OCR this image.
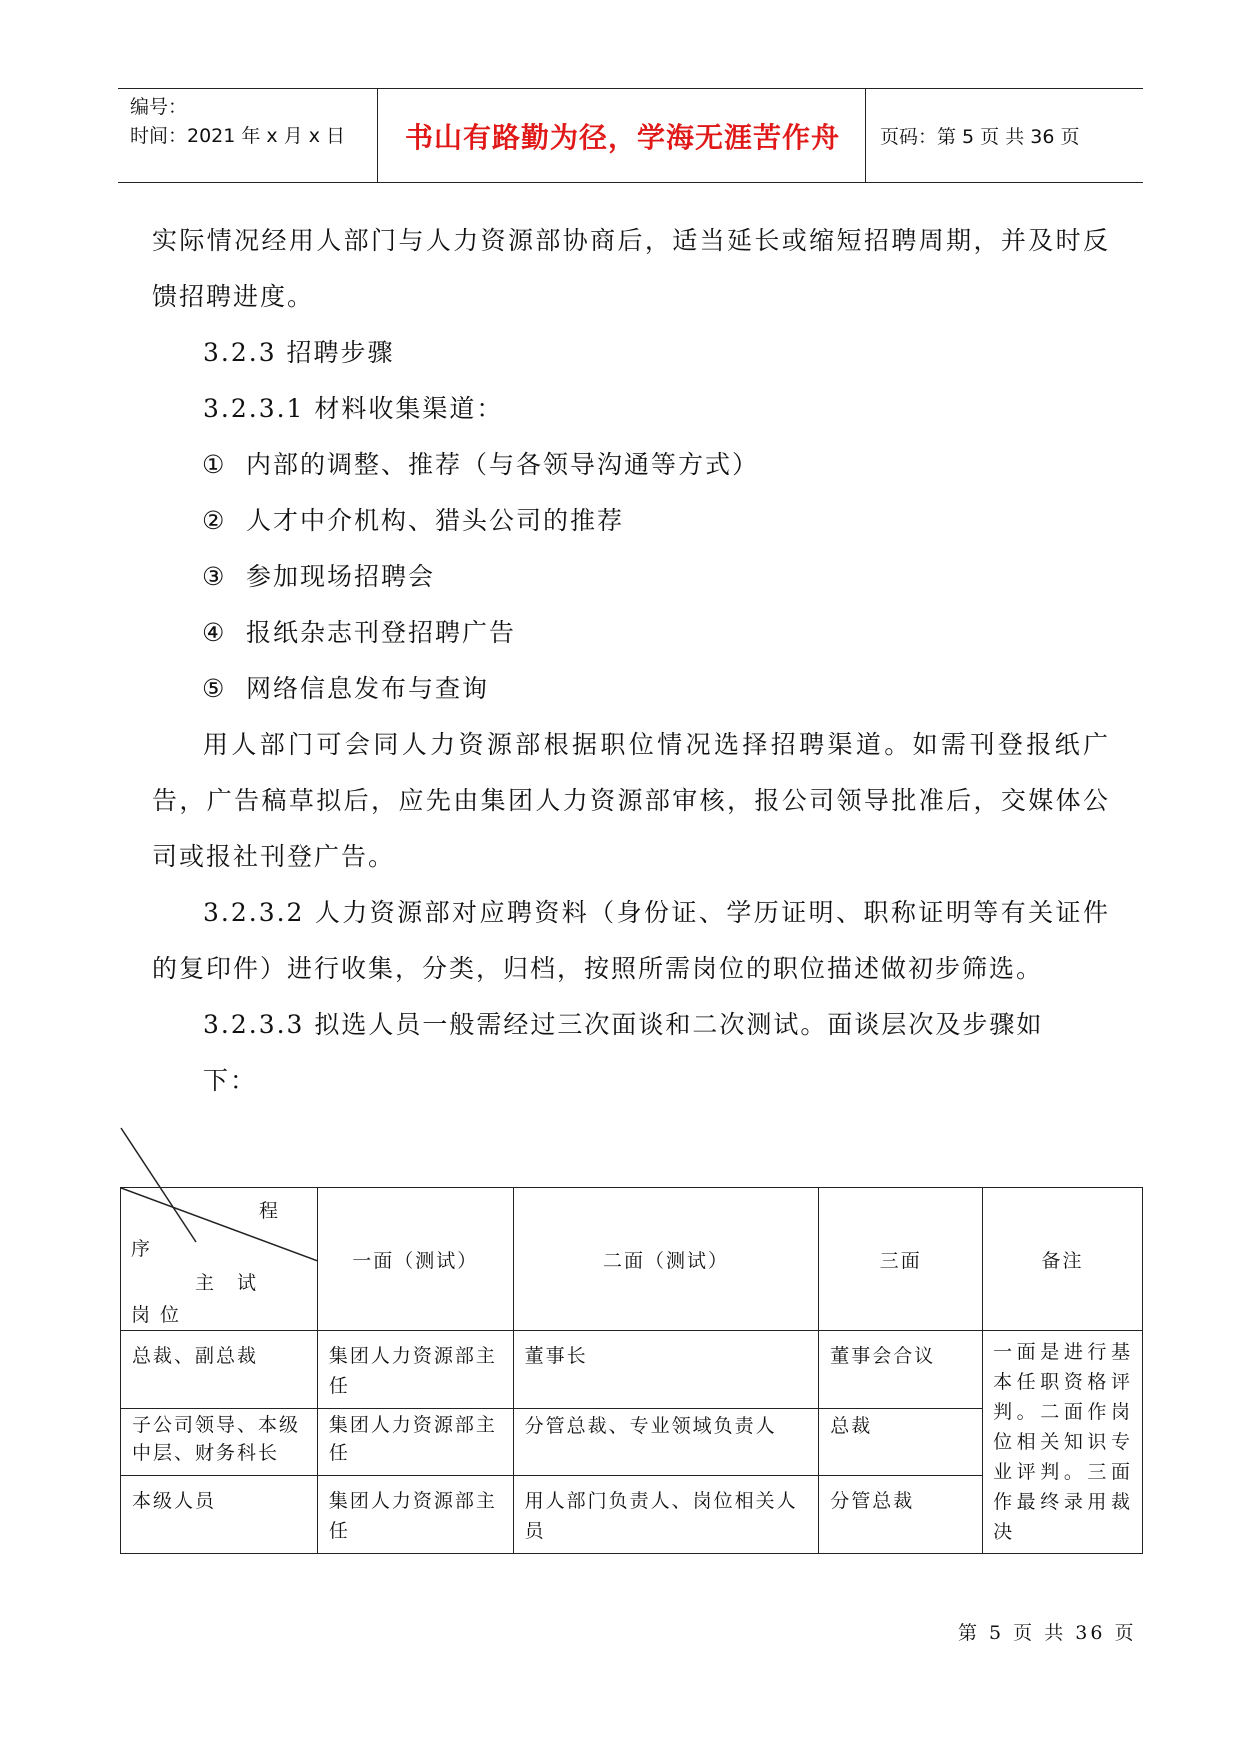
编号：
时间：2021 年 x 月 x 日	书山有路勤为径，学海无涯苦作舟	页码：第 5 页 共 36 页

实际情况经用人部门与人力资源部协商后，适当延长或缩短招聘周期，并及时反馈招聘进度。

3.2.3 招聘步骤

3.2.3.1 材料收集渠道：

① 内部的调整、推荐（与各领导沟通等方式）

② 人才中介机构、猎头公司的推荐

③ 参加现场招聘会

④ 报纸杂志刊登招聘广告

⑤ 网络信息发布与查询

用人部门可会同人力资源部根据职位情况选择招聘渠道。如需刊登报纸广告，广告稿草拟后，应先由集团人力资源部审核，报公司领导批准后，交媒体公司或报社刊登广告。

3.2.3.2 人力资源部对应聘资料（身份证、学历证明、职称证明等有关证件的复印件）进行收集，分类，归档，按照所需岗位的职位描述做初步筛选。

3.2.3.3 拟选人员一般需经过三次面谈和二次测试。面谈层次及步骤如

下：

程
序
主　试
岗 位	一面（测试）	二面（测试）	三面	备注
总裁、副总裁	集团人力资源部主任	董事长	董事会合议	一面是进行基本任职资格评判。二面作岗位相关知识专业评判。三面作最终录用裁决
子公司领导、本级中层、财务科长	集团人力资源部主任	分管总裁、专业领域负责人	总裁	
本级人员	集团人力资源部主任	用人部门负责人、岗位相关人员	分管总裁	
第 5 页 共 36 页
